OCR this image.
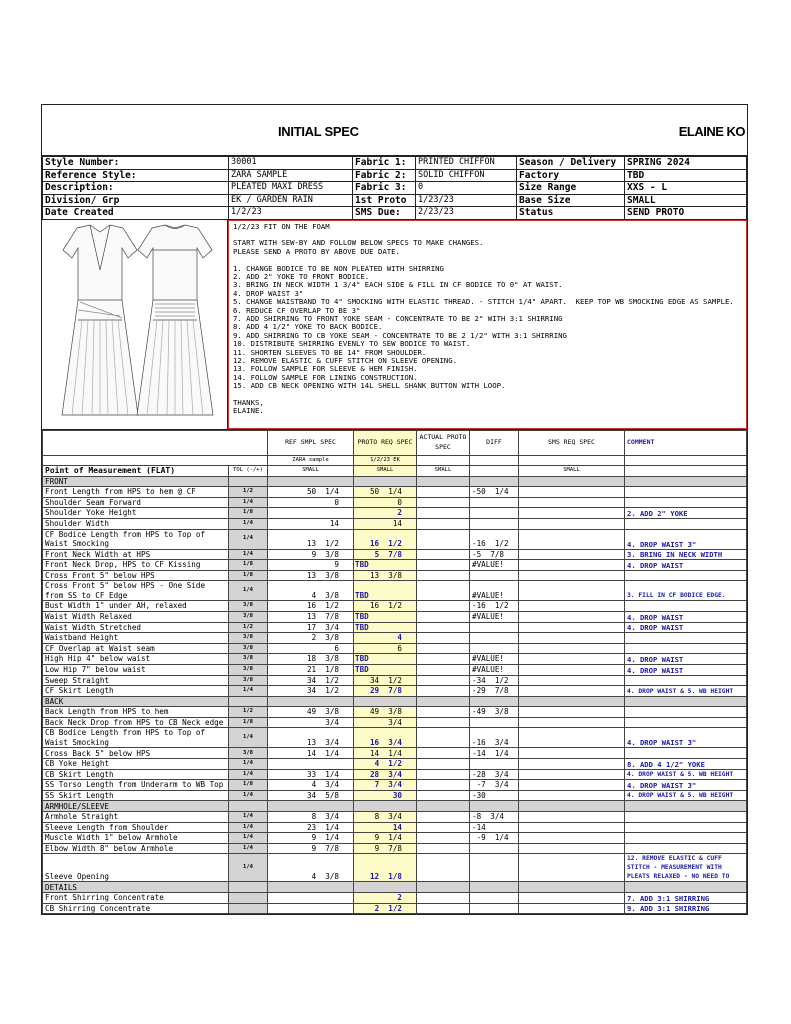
INITIAL SPEC	ELAINE KO
Style Number:	30001	Fabric 1:	PRINTED CHIFFON	Season / Delivery	SPRING 2024
Reference Style:	ZARA SAMPLE	Fabric 2:	SOLID CHIFFON	Factory	TBD
Description:	PLEATED MAXI DRESS	Fabric 3:	0	Size Range	XXS - L
Division/ Grp	EK / GARDEN RAIN	1st Proto	1/23/23	Base Size	SMALL
Date Created	1/2/23	SMS Due:	2/23/23	Status	SEND PROTO
1/2/23 FIT ON THE FOAM

START WITH SEW-BY AND FOLLOW BELOW SPECS TO MAKE CHANGES.
PLEASE SEND A PROTO BY ABOVE DUE DATE.

1. CHANGE BODICE TO BE NON PLEATED WITH SHIRRING
2. ADD 2" YOKE TO FRONT BODICE.
3. BRING IN NECK WIDTH 1 3/4" EACH SIDE & FILL IN CF BODICE TO 0" AT WAIST.
4. DROP WAIST 3"
5. CHANGE WAISTBAND TO 4" SMOCKING WITH ELASTIC THREAD. - STITCH 1/4" APART.  KEEP TOP WB SMOCKING EDGE AS SAMPLE.
6. REDUCE CF OVERLAP TO BE 3"
7. ADD SHIRRING TO FRONT YOKE SEAM - CONCENTRATE TO BE 2" WITH 3:1 SHIRRING
8. ADD 4 1/2" YOKE TO BACK BODICE.
9. ADD SHIRRING TO CB YOKE SEAM - CONCENTRATE TO BE 2 1/2" WITH 3:1 SHIRRING
10. DISTRIBUTE SHIRRING EVENLY TO SEW BODICE TO WAIST.
11. SHORTEN SLEEVES TO BE 14" FROM SHOULDER.
12. REMOVE ELASTIC & CUFF STITCH ON SLEEVE OPENING.
13. FOLLOW SAMPLE FOR SLEEVE & HEM FINISH.
14. FOLLOW SAMPLE FOR LINING CONSTRUCTION.
15. ADD CB NECK OPENING WITH 14L SHELL SHANK BUTTON WITH LOOP.

THANKS,
ELAINE.
		REF SMPL SPEC	PROTO REQ SPEC	ACTUAL PROTO SPEC	DIFF	SMS REQ SPEC	COMMENT
		ZARA sample	1/2/23 EK				
Point of Measurement (FLAT)	TOL (-/+)	SMALL	SMALL	SMALL		SMALL	
FRONT							
Front Length from HPS to hem @ CF	1/2	50  1/4	50  1/4		-50  1/4		
Shoulder Seam Forward	1/4	0	0				
Shoulder Yoke Height	1/8		2				2. ADD 2" YOKE
Shoulder Width	1/4	14	14				
CF Bodice Length from HPS to Top of Waist Smocking	1/4	13  1/2	16  1/2		-16  1/2		4. DROP WAIST 3"
Front Neck Width at HPS	1/4	9  3/8	5  7/8		-5  7/8		3. BRING IN NECK WIDTH
Front Neck Drop, HPS to CF Kissing	1/8	9	TBD		#VALUE!		4. DROP WAIST
Cross Front 5" below HPS	1/8	13  3/8	13  3/8				
Cross Front 5" below HPS - One Side from SS to CF Edge	1/4	4  3/8	TBD		#VALUE!		3. FILL IN CF BODICE EDGE.
Bust Width 1" under AH, relaxed	3/8	16  1/2	16  1/2		-16  1/2		
Waist Width Relaxed	3/8	13  7/8	TBD		#VALUE!		4. DROP WAIST
Waist Width Stretched	1/2	17  3/4	TBD				4. DROP WAIST
Waistband Height	3/8	2  3/8	4				
CF Overlap at Waist seam	3/8	6	6				
High Hip 4" below waist	3/8	18  3/8	TBD		#VALUE!		4. DROP WAIST
Low Hip 7" below waist	3/8	21  1/8	TBD		#VALUE!		4. DROP WAIST
Sweep Straight	3/8	34  1/2	34  1/2		-34  1/2		
CF Skirt Length	1/4	34  1/2	29  7/8		-29  7/8		4. DROP WAIST & 5. WB HEIGHT
BACK							
Back Length from HPS to hem	1/2	49  3/8	49  3/8		-49  3/8		
Back Neck Drop from HPS to CB Neck edge	1/8	3/4	3/4				
CB Bodice Length from HPS to Top of Waist Smocking	1/4	13  3/4	16  3/4		-16  3/4		4. DROP WAIST 3"
Cross Back 5" below HPS	3/8	14  1/4	14  1/4		-14  1/4		
CB Yoke Height	1/4		4  1/2				8. ADD 4 1/2" YOKE
CB Skirt Length	1/4	33  1/4	28  3/4		-28  3/4		4. DROP WAIST & 5. WB HEIGHT
SS Torso Length from Underarm to WB Top	1/8	4  3/4	7  3/4		-7  3/4		4. DROP WAIST 3"
SS Skirt Length	1/4	34  5/8	30		-30		4. DROP WAIST & 5. WB HEIGHT
ARMHOLE/SLEEVE							
Armhole Straight	1/4	8  3/4	8  3/4		-8  3/4		
Sleeve Length from Shoulder	1/4	23  1/4	14		-14		
Muscle Width 1" below Armhole	1/4	9  1/4	9  1/4		-9  1/4		
Elbow Width 8" below Armhole	1/4	9  7/8	9  7/8				
Sleeve Opening	1/4	4  3/8	12  1/8				12. REMOVE ELASTIC & CUFF STITCH - MEASUREMENT WITH PLEATS RELAXED - NO NEED TO
DETAILS							
Front Shirring Concentrate			2				7. ADD 3:1 SHIRRING
CB Shirring Concentrate			2  1/2				9. ADD 3:1 SHIRRING
